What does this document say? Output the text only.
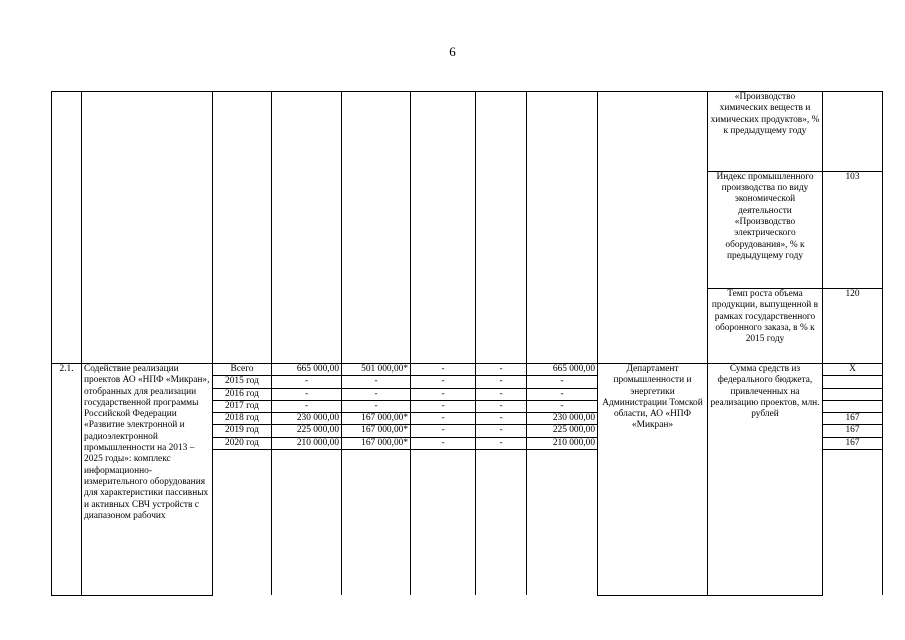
6
									«Производство химических веществ и химических продуктов», % к предыдущему году	
									Индекс промышленного производства по виду экономической деятельности «Производство электрического оборудования», % к предыдущему году	103
									Темп роста объема продукции, выпущенной в рамках государственного оборонного заказа, в % к 2015 году	120
2.1.	Содействие реализации проектов АО «НПФ «Микран», отобранных для реализации государственной программы Российской Федерации «Развитие электронной и радиоэлектронной промышленности на 2013 – 2025 годы»: комплекс информационно-измерительного оборудования для характеристики пассивных и активных СВЧ устройств с диапазоном рабочих	Всего	665 000,00	501 000,00*	-	-	665 000,00	Департамент промышленности и энергетики Администрации Томской области, АО «НПФ «Микран»	Сумма средств из федерального бюджета, привлеченных на реализацию проектов, млн. рублей	X
		2015 год	-	-	-	-	-			
		2016 год	-	-	-	-	-			
		2017 год	-	-	-	-	-			
		2018 год	230 000,00	167 000,00*	-	-	230 000,00			167
		2019 год	225 000,00	167 000,00*	-	-	225 000,00			167
		2020 год	210 000,00	167 000,00*	-	-	210 000,00			167
